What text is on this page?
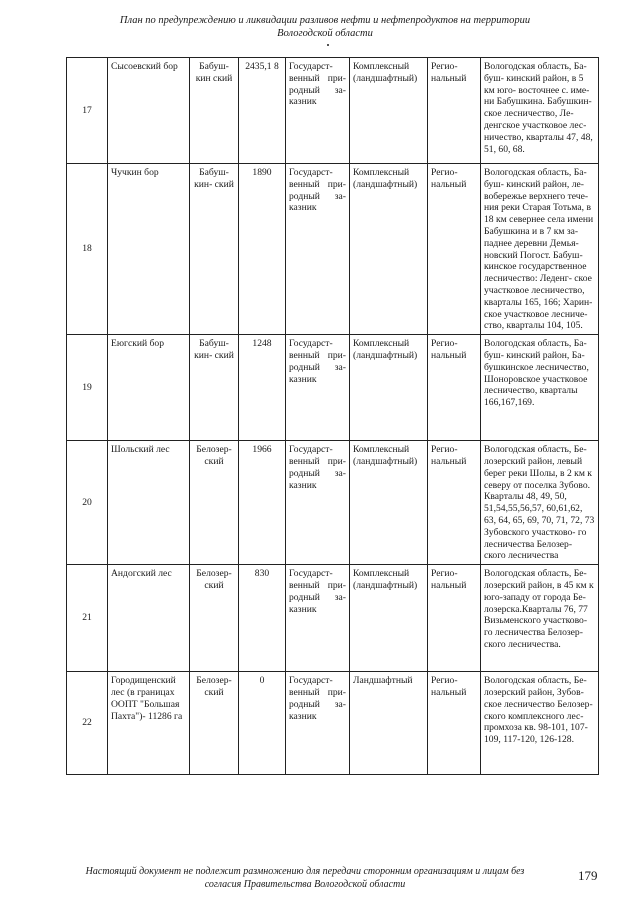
План по предупреждению и ликвидации разливов нефти и нефтепродуктов на территории
Вологодской области
17	Сысоевский бор	Бабуш- кин ский	2435,1 8	Государст- венный при- родный за- казник	Комплексный (ландшафтный)	Регио- нальный	Вологодская область, Ба- буш- кинский район, в 5 км юго- восточнее с. име- ни Бабушкина. Бабушкин- ское лесничество, Ле- денгское участковое лес- ничество, кварталы 47, 48, 51, 60, 68.
18	Чучкин бор	Бабуш- кин- ский	1890	Государст- венный при- родный за- казник	Комплексный (ландшафтный)	Регио- нальный	Вологодская область, Ба- буш- кинский район, ле- вобережье верхнего тече- ния реки Старая Тотьма, в 18 км севернее села имени Бабушкина и в 7 км за- паднее деревни Демья- новский Погост. Бабуш- кинское государственное лесничество: Леденг- ское участковое лесничество, кварталы 165, 166; Харин- ское участковое лесниче- ство, кварталы 104, 105.
19	Еюгский бор	Бабуш- кин- ский	1248	Государст- венный при- родный за- казник	Комплексный (ландшафтный)	Регио- нальный	Вологодская область, Ба- буш- кинский район, Ба- бушкинское лесничество, Шоноровское участковое лесничество, кварталы 166,167,169.
20	Шольский лес	Белозер- ский	1966	Государст- венный при- родный за- казник	Комплексный (ландшафтный)	Регио- нальный	Вологодская область, Бе- лозерский район, левый берег реки Шолы, в 2 км к северу от поселка Зубово. Кварталы 48, 49, 50, 51,54,55,56,57, 60,61,62, 63, 64, 65, 69, 70, 71, 72, 73 Зубовского участково- го лесничества Белозер- ского лесничества
21	Андогский лес	Белозер- ский	830	Государст- венный при- родный за- казник	Комплексный (ландшафтный)	Регио- нальный	Вологодская область, Бе- лозерский район, в 45 км к юго-западу от города Бе- лозерска.Кварталы 76, 77 Визьменского участково- го лесничества Белозер- ского лесничества.
22	Городищенский лес (в границах ООПТ "Большая Пахта")- 11286 га	Белозер- ский	0	Государст- венный при- родный за- казник	Ландшафтный	Регио- нальный	Вологодская область, Бе- лозерский район, Зубов- ское лесничество Белозер- ского комплексного лес- промхоза кв. 98-101, 107- 109, 117-120, 126-128.
Настоящий документ не подлежит размножению для передачи сторонним организациям и лицам без
согласия Правительства Вологодской области
179
